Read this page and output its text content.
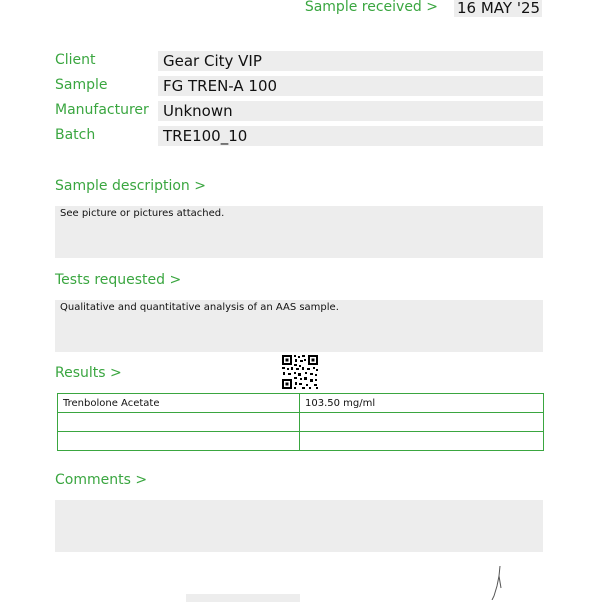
Sample received > 16 MAY '25
Client	Gear City VIP
Sample	FG TREN-A 100
Manufacturer Unknown
Batch	TRE100_10
Sample description >
See picture or pictures attached.
Tests requested >
Qualitative and quantitative analysis of an AAS sample.
Results >
Trenbolone Acetate	103.50 mg/ml

Comments >
